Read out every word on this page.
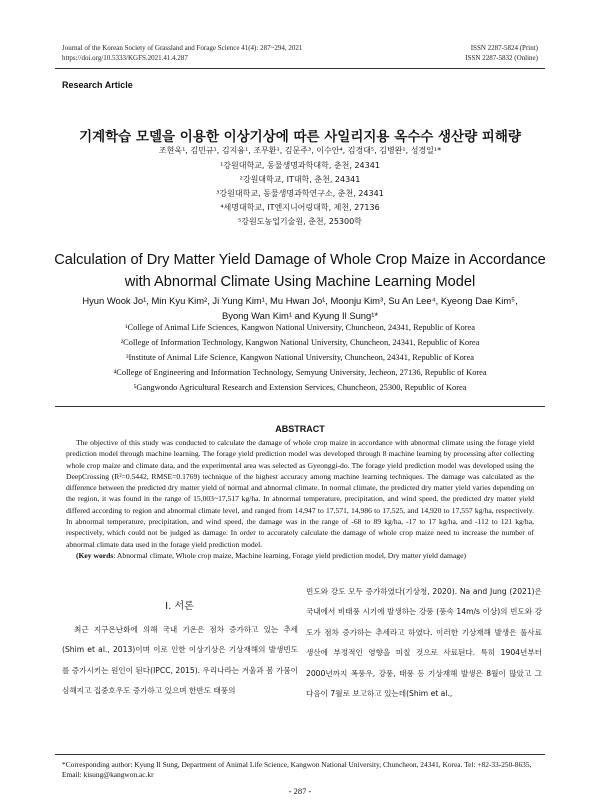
Journal of the Korean Society of Grassland and Forage Science 41(4): 287~294, 2021
https://doi.org/10.5333/KGFS.2021.41.4.287
ISSN 2287-5824 (Print)
ISSN 2287-5832 (Online)
Research Article
기계학습 모델을 이용한 이상기상에 따른 사일리지용 옥수수 생산량 피해량
조현욱¹, 김민규¹, 김지융¹, 조무환¹, 김문주³, 이수안⁴, 김경대⁵, 김병완¹, 성경일¹*
¹강원대학교, 동물생명과학대학, 춘천, 24341
²강원대학교, IT대학, 춘천, 24341
³강원대학교, 동물생명과학연구소, 춘천, 24341
⁴세명대학교, IT엔지니어링대학, 제천, 27136
⁵강원도농업기술원, 춘천, 25300학
Calculation of Dry Matter Yield Damage of Whole Crop Maize in Accordance
with Abnormal Climate Using Machine Learning Model
Hyun Wook Jo¹, Min Kyu Kim², Ji Yung Kim¹, Mu Hwan Jo¹, Moonju Kim³, Su An Lee⁴, Kyeong Dae Kim⁵,
Byong Wan Kim¹ and Kyung Il Sung¹*
¹College of Animal Life Sciences, Kangwon National University, Chuncheon, 24341, Republic of Korea
²College of Information Technology, Kangwon National University, Chuncheon, 24341, Republic of Korea
³Institute of Animal Life Science, Kangwon National University, Chuncheon, 24341, Republic of Korea
⁴College of Engineering and Information Technology, Semyung University, Jecheon, 27136, Republic of Korea
⁵Gangwondo Agricultural Research and Extension Services, Chuncheon, 25300, Republic of Korea
ABSTRACT
The objective of this study was conducted to calculate the damage of whole crop maize in accordance with abnormal climate using the forage yield prediction model through machine learning. The forage yield prediction model was developed through 8 machine learning by processing after collecting whole crop maize and climate data, and the experimental area was selected as Gyeonggi-do. The forage yield prediction model was developed using the DeepCrossing (R²=0.5442, RMSE=0.1769) technique of the highest accuracy among machine learning techniques. The damage was calculated as the difference between the predicted dry matter yield of normal and abnormal climate. In normal climate, the predicted dry matter yield varies depending on the region, it was found in the range of 15,003~17,517 kg/ha. In abnormal temperature, precipitation, and wind speed, the predicted dry matter yield differed according to region and abnormal climate level, and ranged from 14,947 to 17,571, 14,986 to 17,525, and 14,920 to 17,557 kg/ha, respectively. In abnormal temperature, precipitation, and wind speed, the damage was in the range of -68 to 89 kg/ha, -17 to 17 kg/ha, and -112 to 121 kg/ha, respectively, which could not be judged as damage. In order to accurately calculate the damage of whole crop maize need to increase the number of abnormal climate data used in the forage yield prediction model.
(Key words: Abnormal climate, Whole crop maize, Machine learning, Forage yield prediction model, Dry matter yield damage)
Ⅰ. 서론
최근 지구온난화에 의해 국내 기온은 점차 증가하고 있는 추세(Shim et al., 2013)이며 이로 인한 이상기상은 기상재해의 발생빈도를 증가시키는 원인이 된다(IPCC, 2015). 우리나라는 겨울과 봄 가뭄이 심해지고 집중호우도 증가하고 있으며 한반도 태풍의
빈도와 강도 모두 증가하였다(기상청, 2020). Na and Jung (2021)은 국내에서 비태풍 시기에 발생하는 강풍 (풍속 14m/s 이상)의 빈도와 강도가 점차 증가하는 추세라고 하였다. 이러한 기상재해 발생은 풀사료 생산에 부정적인 영향을 미칠 것으로 사료된다. 특히 1904년부터 2000년까지 폭풍우, 강풍, 태풍 등 기상재해 발생은 8월이 많았고 그 다음이 7월로 보고하고 있는데(Shim et al.,
*Corresponding author: Kyung Il Sung, Department of Animal Life Science, Kangwon National University, Chuncheon, 24341, Korea. Tel: +82-33-250-8635, Email: kisung@kangwon.ac.kr
- 287 -
